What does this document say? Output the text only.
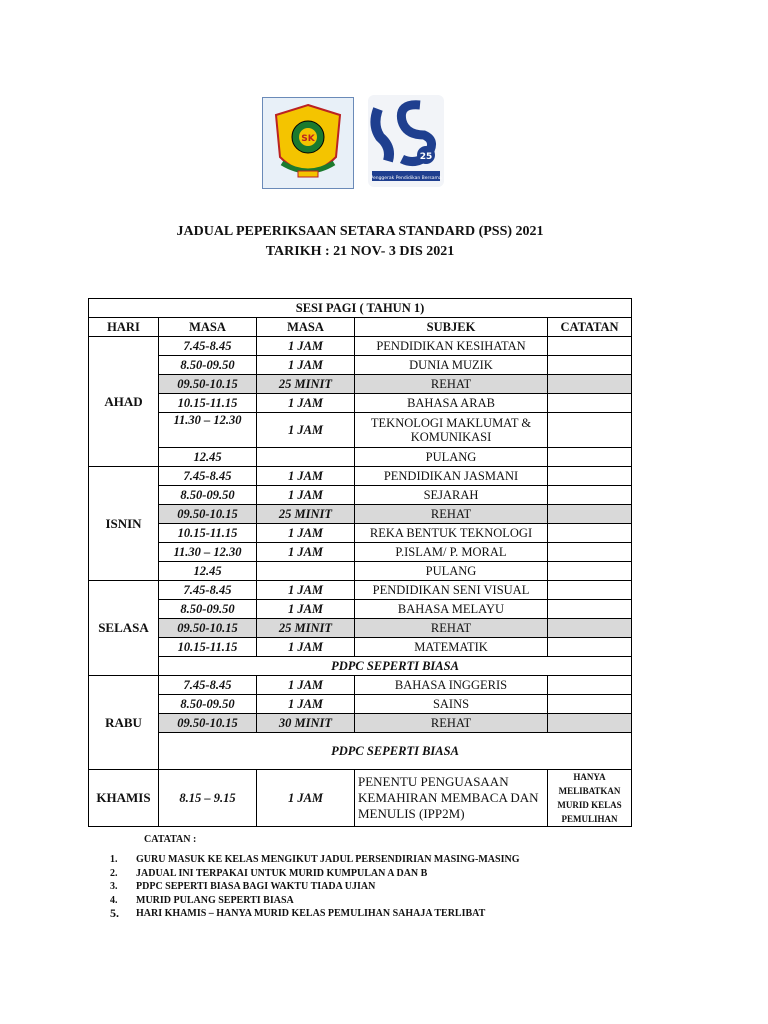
SK
25
Penggerak Pendidikan Bersama
JADUAL PEPERIKSAAN SETARA STANDARD (PSS) 2021
TARIKH : 21 NOV- 3 DIS 2021
SESI PAGI ( TAHUN 1)				
HARI	MASA	MASA	SUBJEK	CATATAN
AHAD	7.45-8.45	1 JAM	PENDIDIKAN KESIHATAN	
	8.50-09.50	1 JAM	DUNIA MUZIK	
	09.50-10.15	25 MINIT	REHAT	
	10.15-11.15	1 JAM	BAHASA ARAB	
	11.30 – 12.30	1 JAM	TEKNOLOGI MAKLUMAT & KOMUNIKASI	
	12.45		PULANG	
ISNIN	7.45-8.45	1 JAM	PENDIDIKAN JASMANI	
	8.50-09.50	1 JAM	SEJARAH	
	09.50-10.15	25 MINIT	REHAT	
	10.15-11.15	1 JAM	REKA BENTUK TEKNOLOGI	
	11.30 – 12.30	1 JAM	P.ISLAM/ P. MORAL	
	12.45		PULANG	
SELASA	7.45-8.45	1 JAM	PENDIDIKAN SENI VISUAL	
	8.50-09.50	1 JAM	BAHASA MELAYU	
	09.50-10.15	25 MINIT	REHAT	
	10.15-11.15	1 JAM	MATEMATIK	
	PDPC SEPERTI BIASA			
RABU	7.45-8.45	1 JAM	BAHASA INGGERIS	
	8.50-09.50	1 JAM	SAINS	
	09.50-10.15	30 MINIT	REHAT	
	PDPC SEPERTI BIASA			
KHAMIS	8.15 – 9.15	1 JAM	PENENTU PENGUASAAN KEMAHIRAN MEMBACA DAN MENULIS (IPP2M)	HANYA MELIBATKAN MURID KELAS PEMULIHAN
CATATAN :
1.	GURU MASUK KE KELAS MENGIKUT JADUL PERSENDIRIAN MASING-MASING
2.	JADUAL INI TERPAKAI UNTUK MURID KUMPULAN A DAN B
3.	PDPC SEPERTI BIASA BAGI WAKTU TIADA UJIAN
4.	MURID PULANG SEPERTI BIASA
5.	HARI KHAMIS – HANYA MURID KELAS PEMULIHAN SAHAJA TERLIBAT
